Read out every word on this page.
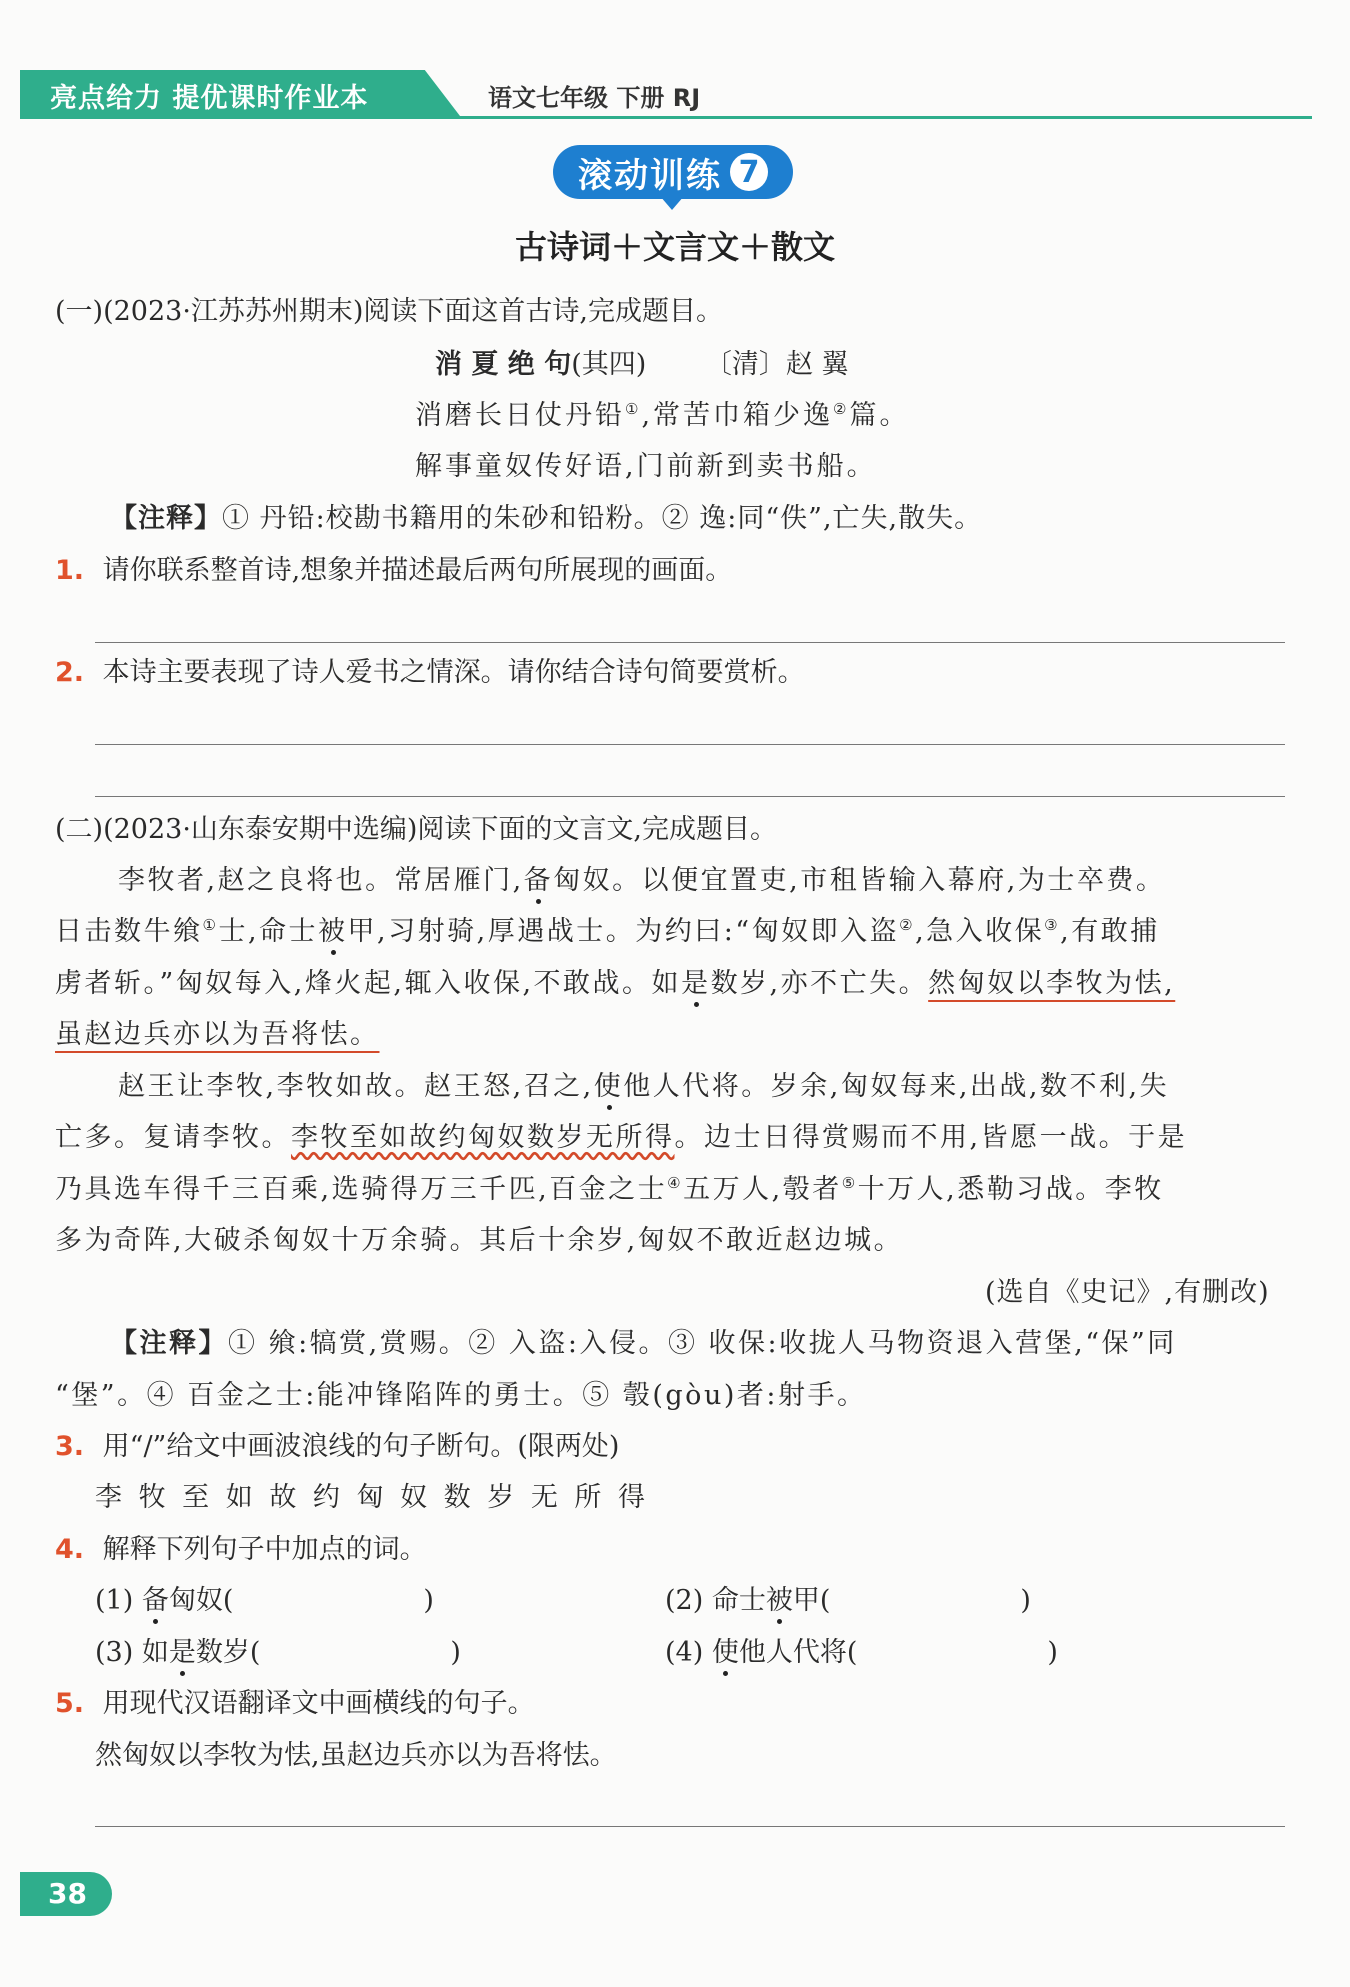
亮点给力 提优课时作业本	语文七年级 下册 RJ
滚动训练 7
古诗词＋文言文＋散文
(一)(2023·江苏苏州期末)阅读下面这首古诗,完成题目。
消 夏 绝 句(其四) 〔清〕赵 翼
消磨长日仗丹铅①,常苦巾箱少逸②篇。
解事童奴传好语,门前新到卖书船。
【注释】① 丹铅:校勘书籍用的朱砂和铅粉。② 逸:同“佚”,亡失,散失。
1. 请你联系整首诗,想象并描述最后两句所展现的画面。
2. 本诗主要表现了诗人爱书之情深。请你结合诗句简要赏析。
(二)(2023·山东泰安期中选编)阅读下面的文言文,完成题目。
李牧者,赵之良将也。常居雁门,备匈奴。以便宜置吏,市租皆输入幕府,为士卒费。
日击数牛飨①士,命士被甲,习射骑,厚遇战士。为约曰:“匈奴即入盗②,急入收保③,有敢捕
虏者斩。”匈奴每入,烽火起,辄入收保,不敢战。如是数岁,亦不亡失。然匈奴以李牧为怯,
虽赵边兵亦以为吾将怯。
赵王让李牧,李牧如故。赵王怒,召之,使他人代将。岁余,匈奴每来,出战,数不利,失
亡多。复请李牧。李牧至如故约匈奴数岁无所得。边士日得赏赐而不用,皆愿一战。于是
乃具选车得千三百乘,选骑得万三千匹,百金之士④五万人,彀者⑤十万人,悉勒习战。李牧
多为奇阵,大破杀匈奴十万余骑。其后十余岁,匈奴不敢近赵边城。
(选自《史记》,有删改)
【注释】① 飨:犒赏,赏赐。② 入盗:入侵。③ 收保:收拢人马物资退入营堡,“保”同
“堡”。④ 百金之士:能冲锋陷阵的勇士。⑤ 彀(gòu)者:射手。
3. 用“/”给文中画波浪线的句子断句。(限两处)
李 牧 至 如 故 约 匈 奴 数 岁 无 所 得
4. 解释下列句子中加点的词。
(1) 备匈奴(	)	(2) 命士被甲(	)
(3) 如是数岁(	)	(4) 使他人代将(	)
5. 用现代汉语翻译文中画横线的句子。
然匈奴以李牧为怯,虽赵边兵亦以为吾将怯。
38
